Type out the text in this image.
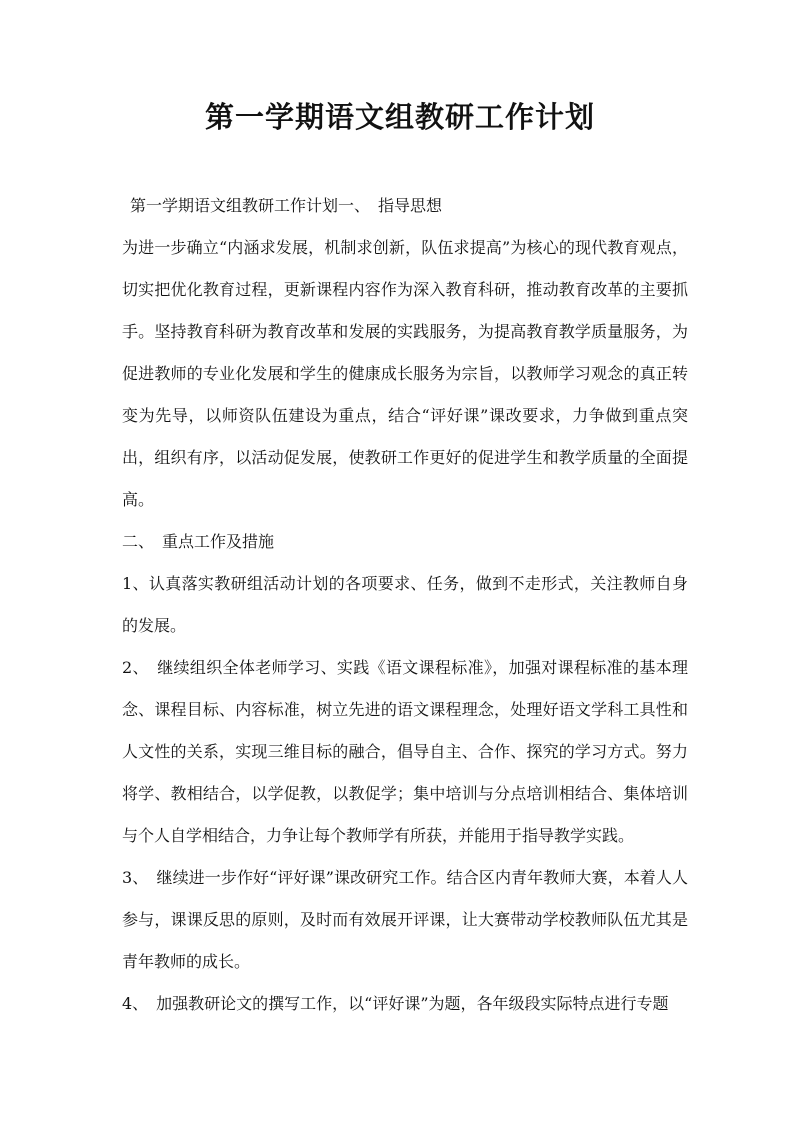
第一学期语文组教研工作计划

第一学期语文组教研工作计划一、　指导思想

为进一步确立“内涵求发展，机制求创新，队伍求提高”为核心的现代教育观点，切实把优化教育过程，更新课程内容作为深入教育科研，推动教育改革的主要抓手。坚持教育科研为教育改革和发展的实践服务，为提高教育教学质量服务，为促进教师的专业化发展和学生的健康成长服务为宗旨，以教师学习观念的真正转变为先导，以师资队伍建设为重点，结合“评好课”课改要求，力争做到重点突出，组织有序，以活动促发展，使教研工作更好的促进学生和教学质量的全面提高。

二、　重点工作及措施

1、认真落实教研组活动计划的各项要求、任务，做到不走形式，关注教师自身的发展。

2、　继续组织全体老师学习、实践《语文课程标准》，加强对课程标准的基本理念、课程目标、内容标准，树立先进的语文课程理念，处理好语文学科工具性和人文性的关系，实现三维目标的融合，倡导自主、合作、探究的学习方式。努力将学、教相结合，以学促教，以教促学；集中培训与分点培训相结合、集体培训与个人自学相结合，力争让每个教师学有所获，并能用于指导教学实践。

3、　继续进一步作好“评好课”课改研究工作。结合区内青年教师大赛，本着人人参与，课课反思的原则，及时而有效展开评课，让大赛带动学校教师队伍尤其是青年教师的成长。

4、　加强教研论文的撰写工作，以“评好课”为题，各年级段实际特点进行专题
